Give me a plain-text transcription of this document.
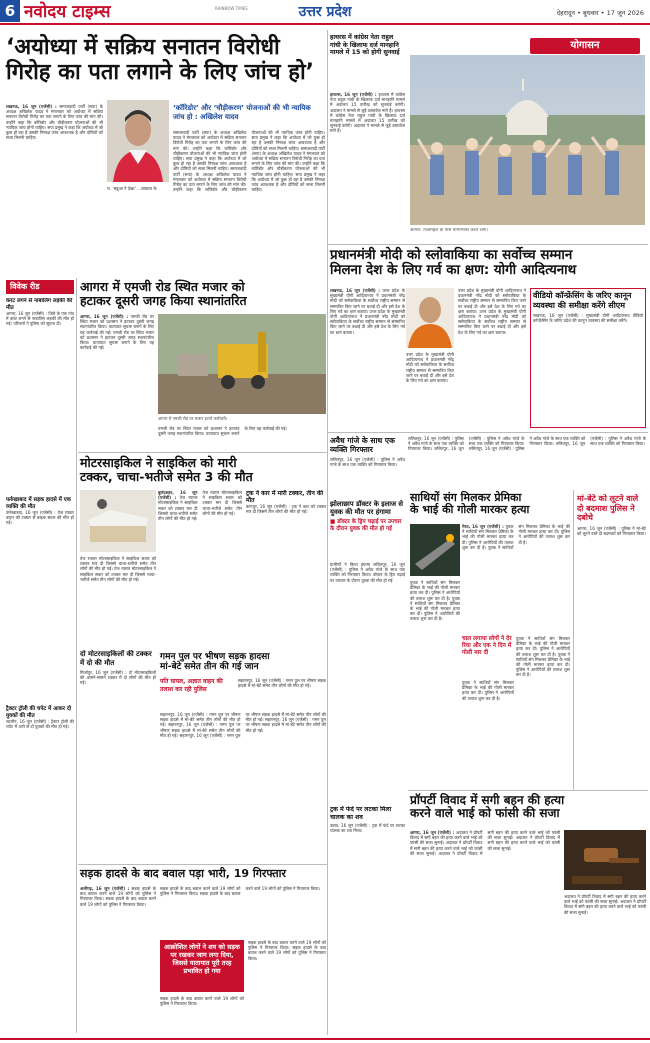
6 नवोदय टाइम्स	RAINBOW TIMES	उत्तर प्रदेश	देहरादून • बुधवार • 17 जून 2026
‘अयोध्या में सक्रिय सनातन विरोधी
गिरोह का पता लगाने के लिए जांच हो’
लखनऊ, 16 जून (एजेंसी) : समाजवादी पार्टी (सपा) के अध्यक्ष अखिलेश यादव ने मंगलवार को अयोध्या में सक्रिय सनातन विरोधी गिरोह का पता लगाने के लिए जांच की मांग की। उन्होंने कहा कि कॉरिडोर और चौड़ीकरण योजनाओं की भी न्यायिक जांच होनी चाहिए। सपा प्रमुख ने कहा कि अयोध्या में जो कुछ हो रहा है उसकी निष्पक्ष जांच आवश्यक है और दोषियों को सजा मिलनी चाहिए।
रा. ‘बबुआ ने देखा’ ...वक्तव्य के
‘कॉरिडोर’ और ‘चौड़ीकरण’ योजनाओं की भी न्यायिक जांच हो : अखिलेश यादव
समाजवादी पार्टी (सपा) के अध्यक्ष अखिलेश यादव ने मंगलवार को अयोध्या में सक्रिय सनातन विरोधी गिरोह का पता लगाने के लिए जांच की मांग की। उन्होंने कहा कि कॉरिडोर और चौड़ीकरण योजनाओं की भी न्यायिक जांच होनी चाहिए। सपा प्रमुख ने कहा कि अयोध्या में जो कुछ हो रहा है उसकी निष्पक्ष जांच आवश्यक है और दोषियों को सजा मिलनी चाहिए। समाजवादी पार्टी (सपा) के अध्यक्ष अखिलेश यादव ने मंगलवार को अयोध्या में सक्रिय सनातन विरोधी गिरोह का पता लगाने के लिए जांच की मांग की। उन्होंने कहा कि कॉरिडोर और चौड़ीकरण योजनाओं की भी न्यायिक जांच होनी चाहिए। सपा प्रमुख ने कहा कि अयोध्या में जो कुछ हो रहा है उसकी निष्पक्ष जांच आवश्यक है और दोषियों को सजा मिलनी चाहिए। समाजवादी पार्टी (सपा) के अध्यक्ष अखिलेश यादव ने मंगलवार को अयोध्या में सक्रिय सनातन विरोधी गिरोह का पता लगाने के लिए जांच की मांग की। उन्होंने कहा कि कॉरिडोर और चौड़ीकरण योजनाओं की भी न्यायिक जांच होनी चाहिए। सपा प्रमुख ने कहा कि अयोध्या में जो कुछ हो रहा है उसकी निष्पक्ष जांच आवश्यक है और दोषियों को सजा मिलनी चाहिए।
हाथरस में कांग्रेस नेता राहुल गांधी के खिलाफ दर्ज मानहानि मामले में 15 को होगी सुनवाई
हाथरस, 16 जून (एजेंसी) : हाथरस में कांग्रेस नेता राहुल गांधी के खिलाफ दर्ज मानहानि मामले में अदालत 15 तारीख को सुनवाई करेगी। अदालत ने मामले से जुड़े दस्तावेज मांगे हैं। हाथरस में कांग्रेस नेता राहुल गांधी के खिलाफ दर्ज मानहानि मामले में अदालत 15 तारीख को सुनवाई करेगी। अदालत ने मामले से जुड़े दस्तावेज मांगे हैं।
योगासन
आगरा: ताजमहल के पास योगाभ्यास करते लोग।
प्रधानमंत्री मोदी को स्लोवाकिया का सर्वोच्च सम्मान
मिलना देश के लिए गर्व का क्षण: योगी आदित्यनाथ
लखनऊ, 16 जून (एजेंसी) : उत्तर प्रदेश के मुख्यमंत्री योगी आदित्यनाथ ने प्रधानमंत्री नरेंद्र मोदी को स्लोवाकिया के सर्वोच्च राष्ट्रीय सम्मान से सम्मानित किए जाने पर बधाई दी और इसे देश के लिए गर्व का क्षण बताया। उत्तर प्रदेश के मुख्यमंत्री योगी आदित्यनाथ ने प्रधानमंत्री नरेंद्र मोदी को स्लोवाकिया के सर्वोच्च राष्ट्रीय सम्मान से सम्मानित किए जाने पर बधाई दी और इसे देश के लिए गर्व का क्षण बताया।
उत्तर प्रदेश के मुख्यमंत्री योगी आदित्यनाथ ने प्रधानमंत्री नरेंद्र मोदी को स्लोवाकिया के सर्वोच्च राष्ट्रीय सम्मान से सम्मानित किए जाने पर बधाई दी और इसे देश के लिए गर्व का क्षण बताया।
उत्तर प्रदेश के मुख्यमंत्री योगी आदित्यनाथ ने प्रधानमंत्री नरेंद्र मोदी को स्लोवाकिया के सर्वोच्च राष्ट्रीय सम्मान से सम्मानित किए जाने पर बधाई दी और इसे देश के लिए गर्व का क्षण बताया। उत्तर प्रदेश के मुख्यमंत्री योगी आदित्यनाथ ने प्रधानमंत्री नरेंद्र मोदी को स्लोवाकिया के सर्वोच्च राष्ट्रीय सम्मान से सम्मानित किए जाने पर बधाई दी और इसे देश के लिए गर्व का क्षण बताया।
वीडियो कॉन्फ्रेंसिंग के जरिए कानून व्यवस्था की समीक्षा करेंगे सीएम
लखनऊ, 16 जून (एजेंसी) : मुख्यमंत्री योगी आदित्यनाथ वीडियो कॉन्फ्रेंसिंग के जरिए प्रदेश की कानून व्यवस्था की समीक्षा करेंगे।
विवेक रीड
करंट लगने से नाबालिग लड़की की मौत
आगरा, 16 जून (एजेंसी) : जिले के एक गांव में करंट लगने से नाबालिग लड़की की मौत हो गई। परिजनों ने पुलिस को सूचना दी।
फर्रुखाबाद में सड़क हादसे में एक व्यक्ति की मौत
फर्रुखाबाद, 16 जून (एजेंसी) : तेज रफ्तार वाहन की टक्कर से बाइक सवार की मौत हो गई।
ट्रैक्टर ट्रॉली की चपेट में आकर दो युवकों की मौत
जालौन, 16 जून (एजेंसी) : ट्रैक्टर ट्रॉली की चपेट में आने से दो युवकों की मौत हो गई।
आगरा में एमजी रोड स्थित मजार को
हटाकर दूसरी जगह किया स्थानांतरित
आगरा, 16 जून (एजेंसी) : एमजी रोड पर स्थित मजार को प्रशासन ने हटाकर दूसरी जगह स्थानांतरित किया। यातायात सुचारु बनाने के लिए यह कार्रवाई की गई। एमजी रोड पर स्थित मजार को प्रशासन ने हटाकर दूसरी जगह स्थानांतरित किया। यातायात सुचारु बनाने के लिए यह कार्रवाई की गई।
आगरा में एमजी रोड पर मजार हटाते कर्मचारी।
एमजी रोड पर स्थित मजार को प्रशासन ने हटाकर दूसरी जगह स्थानांतरित किया। यातायात सुचारु बनाने के लिए यह कार्रवाई की गई।
मोटरसाइकिल ने साइकिल को मारी
टक्कर, चाचा-भतीजे समेत 3 की मौत
बुलंदशहर, 16 जून (एजेंसी) : तेज रफ्तार मोटरसाइकिल ने साइकिल सवार को टक्कर मार दी जिससे चाचा-भतीजे समेत तीन लोगों की मौत हो गई। तेज रफ्तार मोटरसाइकिल ने साइकिल सवार को टक्कर मार दी जिससे चाचा-भतीजे समेत तीन लोगों की मौत हो गई।
ट्रक ने कार में मारी टक्कर, तीन की मौत
कानपुर, 16 जून (एजेंसी) : ट्रक ने कार को टक्कर मार दी जिसमें तीन लोगों की मौत हो गई।
तेज रफ्तार मोटरसाइकिल ने साइकिल सवार को टक्कर मार दी जिससे चाचा-भतीजे समेत तीन लोगों की मौत हो गई। तेज रफ्तार मोटरसाइकिल ने साइकिल सवार को टक्कर मार दी जिससे चाचा-भतीजे समेत तीन लोगों की मौत हो गई।
दो मोटरसाइकिलों की टक्कर में दो की मौत
मिर्जापुर, 16 जून (एजेंसी) : दो मोटरसाइकिलों की आमने-सामने टक्कर में दो लोगों की मौत हो गई।
गमन पुल पर भीषण सड़क हादसा
मां-बेटे समेत तीन की गई जान
पति घायल, अज्ञात वाहन की तलाश कर रही पुलिस
सहारनपुर, 16 जून (एजेंसी) : गमन पुल पर भीषण सड़क हादसे में मां-बेटे समेत तीन लोगों की मौत हो गई। सहारनपुर, 16 जून (एजेंसी) : गमन पुल पर भीषण सड़क हादसे में मां-बेटे समेत तीन लोगों की मौत हो गई। सहारनपुर, 16 जून (एजेंसी) : गमन पुल पर भीषण सड़क हादसे में मां-बेटे समेत तीन लोगों की मौत हो गई। सहारनपुर, 16 जून (एजेंसी) : गमन पुल पर भीषण सड़क हादसे में मां-बेटे समेत तीन लोगों की मौत हो गई।
सहारनपुर, 16 जून (एजेंसी) : गमन पुल पर भीषण सड़क हादसे में मां-बेटे समेत तीन लोगों की मौत हो गई।
सड़क हादसे के बाद बवाल पड़ा भारी, 19 गिरफ्तार
अलीगढ़, 16 जून (एजेंसी) : सड़क हादसे के बाद बवाल करने वाले 19 लोगों को पुलिस ने गिरफ्तार किया। सड़क हादसे के बाद बवाल करने वाले 19 लोगों को पुलिस ने गिरफ्तार किया।
सड़क हादसे के बाद बवाल करने वाले 19 लोगों को पुलिस ने गिरफ्तार किया। सड़क हादसे के बाद बवाल करने वाले 19 लोगों को पुलिस ने गिरफ्तार किया।
आक्रोशित लोगों ने शव को सड़क पर रखकर जाम लगा दिया, जिससे यातायात पूरी तरह प्रभावित हो गया
सड़क हादसे के बाद बवाल करने वाले 19 लोगों को पुलिस ने गिरफ्तार किया। सड़क हादसे के बाद बवाल करने वाले 19 लोगों को पुलिस ने गिरफ्तार किया।
सड़क हादसे के बाद बवाल करने वाले 19 लोगों को पुलिस ने गिरफ्तार किया।
अवैध गांजे के साथ एक व्यक्ति गिरफ्तार
ललितपुर, 16 जून (एजेंसी) : पुलिस ने अवैध गांजे के साथ एक व्यक्ति को गिरफ्तार किया।
ललितपुर, 16 जून (एजेंसी) : पुलिस ने अवैध गांजे के साथ एक व्यक्ति को गिरफ्तार किया। ललितपुर, 16 जून (एजेंसी) : पुलिस ने अवैध गांजे के साथ एक व्यक्ति को गिरफ्तार किया। ललितपुर, 16 जून (एजेंसी) : पुलिस ने अवैध गांजे के साथ एक व्यक्ति को गिरफ्तार किया। ललितपुर, 16 जून (एजेंसी) : पुलिस ने अवैध गांजे के साथ एक व्यक्ति को गिरफ्तार किया।
झोलाछाप डॉक्टर के इलाज से युवक की मौत पर हंगामा
■ डॉक्टर के ड्रिप चढ़ाई पर उपचार के दौरान युवक की मौत हो गई
ग्रामीणों ने किया हंगामा ललितपुर, 16 जून (एजेंसी) : पुलिस ने अवैध गांजे के साथ एक व्यक्ति को गिरफ्तार किया। डॉक्टर के ड्रिप चढ़ाई पर उपचार के दौरान युवक की मौत हो गई
साथियों संग मिलकर प्रेमिका
के भाई की गोली मारकर हत्या
मेरठ, 16 जून (एजेंसी) : युवक ने साथियों संग मिलकर प्रेमिका के भाई की गोली मारकर हत्या कर दी। पुलिस ने आरोपियों की तलाश शुरू कर दी है। युवक ने साथियों संग मिलकर प्रेमिका के भाई की गोली मारकर हत्या कर दी। पुलिस ने आरोपियों की तलाश शुरू कर दी है।
युवक ने साथियों संग मिलकर प्रेमिका के भाई की गोली मारकर हत्या कर दी। पुलिस ने आरोपियों की तलाश शुरू कर दी है। युवक ने साथियों संग मिलकर प्रेमिका के भाई की गोली मारकर हत्या कर दी। पुलिस ने आरोपियों की तलाश शुरू कर दी है।
चाल लगाया लोगों ने देर रिया और एक ने दिन में गोली मार दी
युवक ने साथियों संग मिलकर प्रेमिका के भाई की गोली मारकर हत्या कर दी। पुलिस ने आरोपियों की तलाश शुरू कर दी है। युवक ने साथियों संग मिलकर प्रेमिका के भाई की गोली मारकर हत्या कर दी। पुलिस ने आरोपियों की तलाश शुरू कर दी है।
युवक ने साथियों संग मिलकर प्रेमिका के भाई की गोली मारकर हत्या कर दी। पुलिस ने आरोपियों की तलाश शुरू कर दी है।
मां-बेटे को लूटने वाले दो बदमाश पुलिस ने दबोचे
आगरा, 16 जून (एजेंसी) : पुलिस ने मां-बेटे को लूटने वाले दो बदमाशों को गिरफ्तार किया।
ट्रक में फंदे पर लटका मिला चालक का शव
उन्नाव, 16 जून (एजेंसी) : ट्रक में फंदे पर लटका चालक का शव मिला।
प्रॉपर्टी विवाद में सगी बहन की हत्या
करने वाले भाई को फांसी की सजा
आगरा, 16 जून (एजेंसी) : अदालत ने प्रॉपर्टी विवाद में सगी बहन की हत्या करने वाले भाई को फांसी की सजा सुनाई। अदालत ने प्रॉपर्टी विवाद में सगी बहन की हत्या करने वाले भाई को फांसी की सजा सुनाई। अदालत ने प्रॉपर्टी विवाद में सगी बहन की हत्या करने वाले भाई को फांसी की सजा सुनाई। अदालत ने प्रॉपर्टी विवाद में सगी बहन की हत्या करने वाले भाई को फांसी की सजा सुनाई।
अदालत ने प्रॉपर्टी विवाद में सगी बहन की हत्या करने वाले भाई को फांसी की सजा सुनाई। अदालत ने प्रॉपर्टी विवाद में सगी बहन की हत्या करने वाले भाई को फांसी की सजा सुनाई।
